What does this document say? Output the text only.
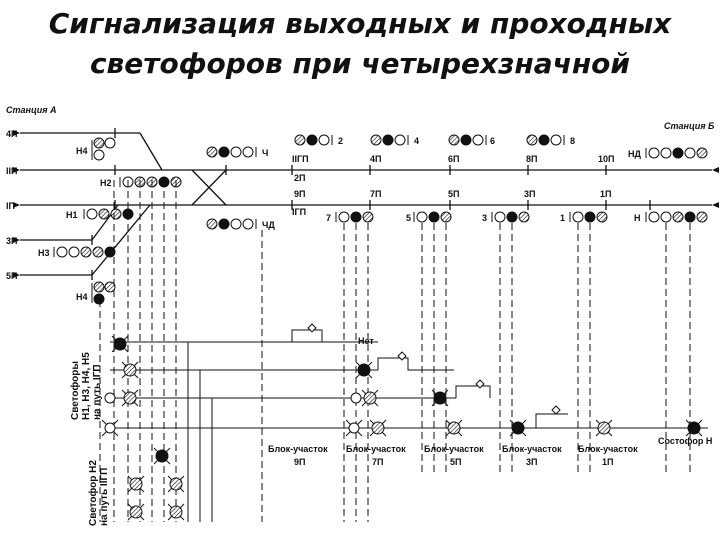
Сигнализация выходных и проходных
светофоров при четырехзначной
Станция А
Станция Б
4П
IIП
IП
3П
5П
Н4
Н2
Н1
Н3
Н4
Ч
ЧД
2	4	6	8
НД
IIГП	4П	6П	8П	10П
2П
9П
IГП
7П	5П	3П	1П
7	5	3	1	Н
Нет
Блок-участок
9П
Блок-участок
7П
Блок-участок
5П
Блок-участок
3П
Блок-участок
1П
Состофор Н
Светофоры Н1, Н3, Н4, Н5 на путь IГП
Светофор Н2 на путь IIГП
